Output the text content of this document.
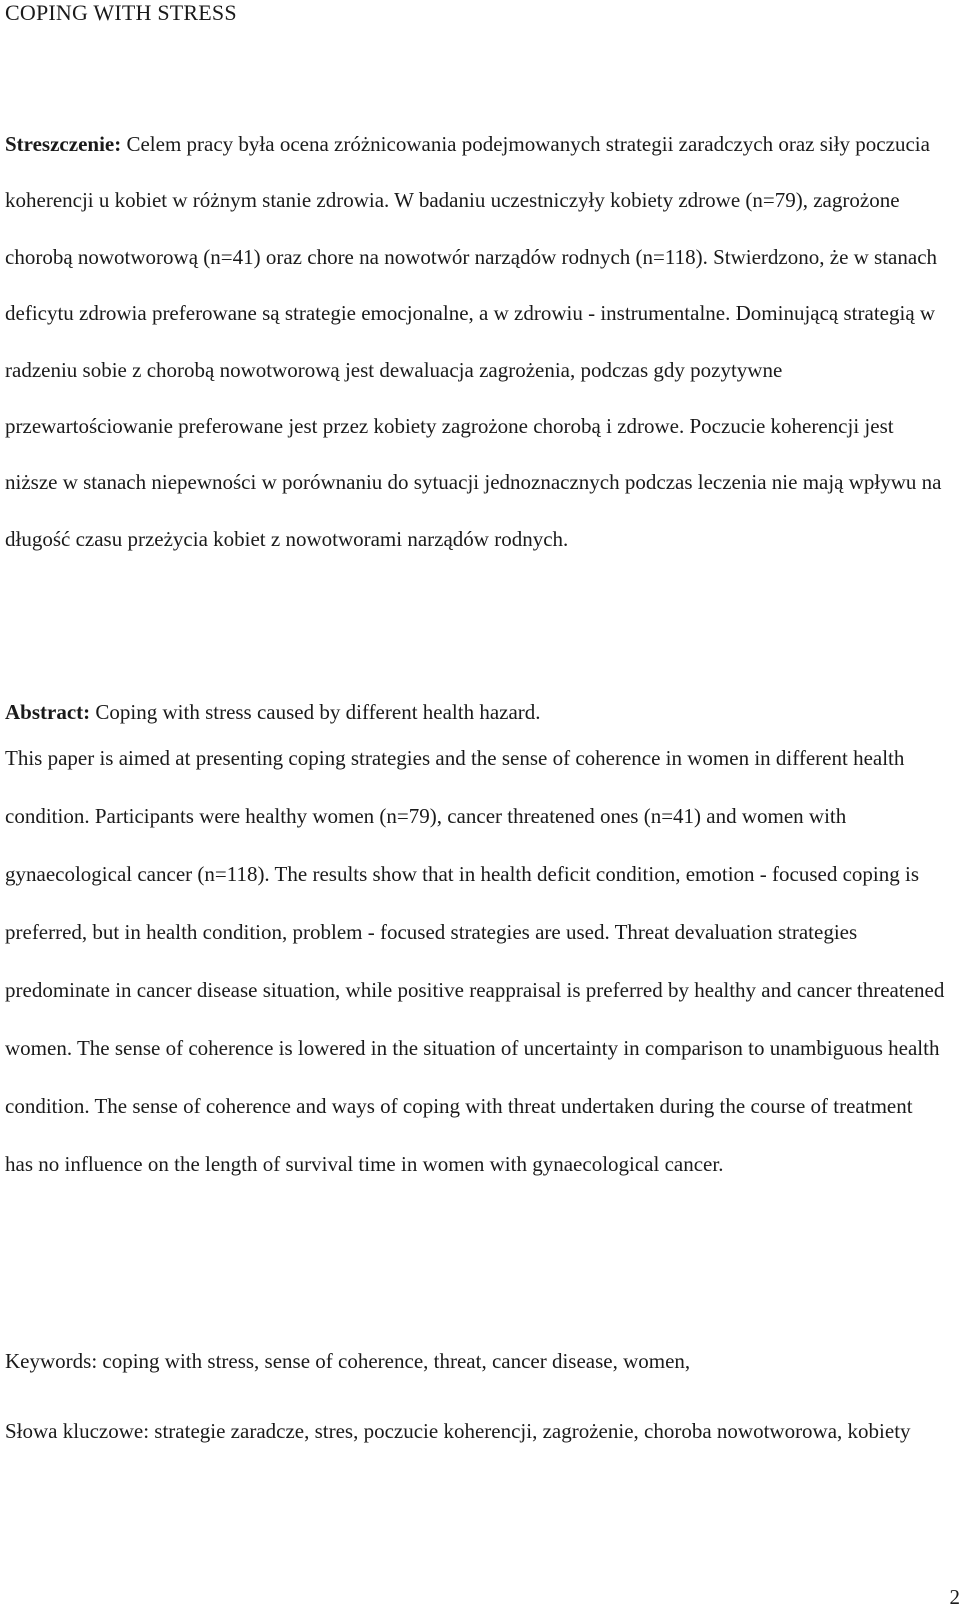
COPING WITH STRESS

Streszczenie: Celem pracy była ocena zróżnicowania podejmowanych strategii zaradczych oraz siły poczucia koherencji u kobiet w różnym stanie zdrowia. W badaniu uczestniczyły kobiety zdrowe (n=79), zagrożone chorobą nowotworową (n=41) oraz chore na nowotwór narządów rodnych (n=118). Stwierdzono, że w stanach deficytu zdrowia preferowane są strategie emocjonalne, a w zdrowiu - instrumentalne. Dominującą strategią w radzeniu sobie z chorobą nowotworową jest dewaluacja zagrożenia, podczas gdy pozytywne przewartościowanie preferowane jest przez kobiety zagrożone chorobą i zdrowe. Poczucie koherencji jest niższe w stanach niepewności w porównaniu do sytuacji jednoznacznych podczas leczenia nie mają wpływu na długość czasu przeżycia kobiet z nowotworami narządów rodnych.

Abstract: Coping with stress caused by different health hazard.

This paper is aimed at presenting coping strategies and the sense of coherence in women in different health condition. Participants were healthy women (n=79), cancer threatened ones (n=41) and women with gynaecological cancer (n=118). The results show that in health deficit condition, emotion - focused coping is preferred, but in health condition, problem - focused strategies are used. Threat devaluation strategies predominate in cancer disease situation, while positive reappraisal is preferred by healthy and cancer threatened women. The sense of coherence is lowered in the situation of uncertainty in comparison to unambiguous health condition. The sense of coherence and ways of coping with threat undertaken during the course of treatment has no influence on the length of survival time in women with gynaecological cancer.

Keywords: coping with stress, sense of coherence, threat, cancer disease, women,

Słowa kluczowe: strategie zaradcze, stres, poczucie koherencji, zagrożenie, choroba nowotworowa, kobiety

2
